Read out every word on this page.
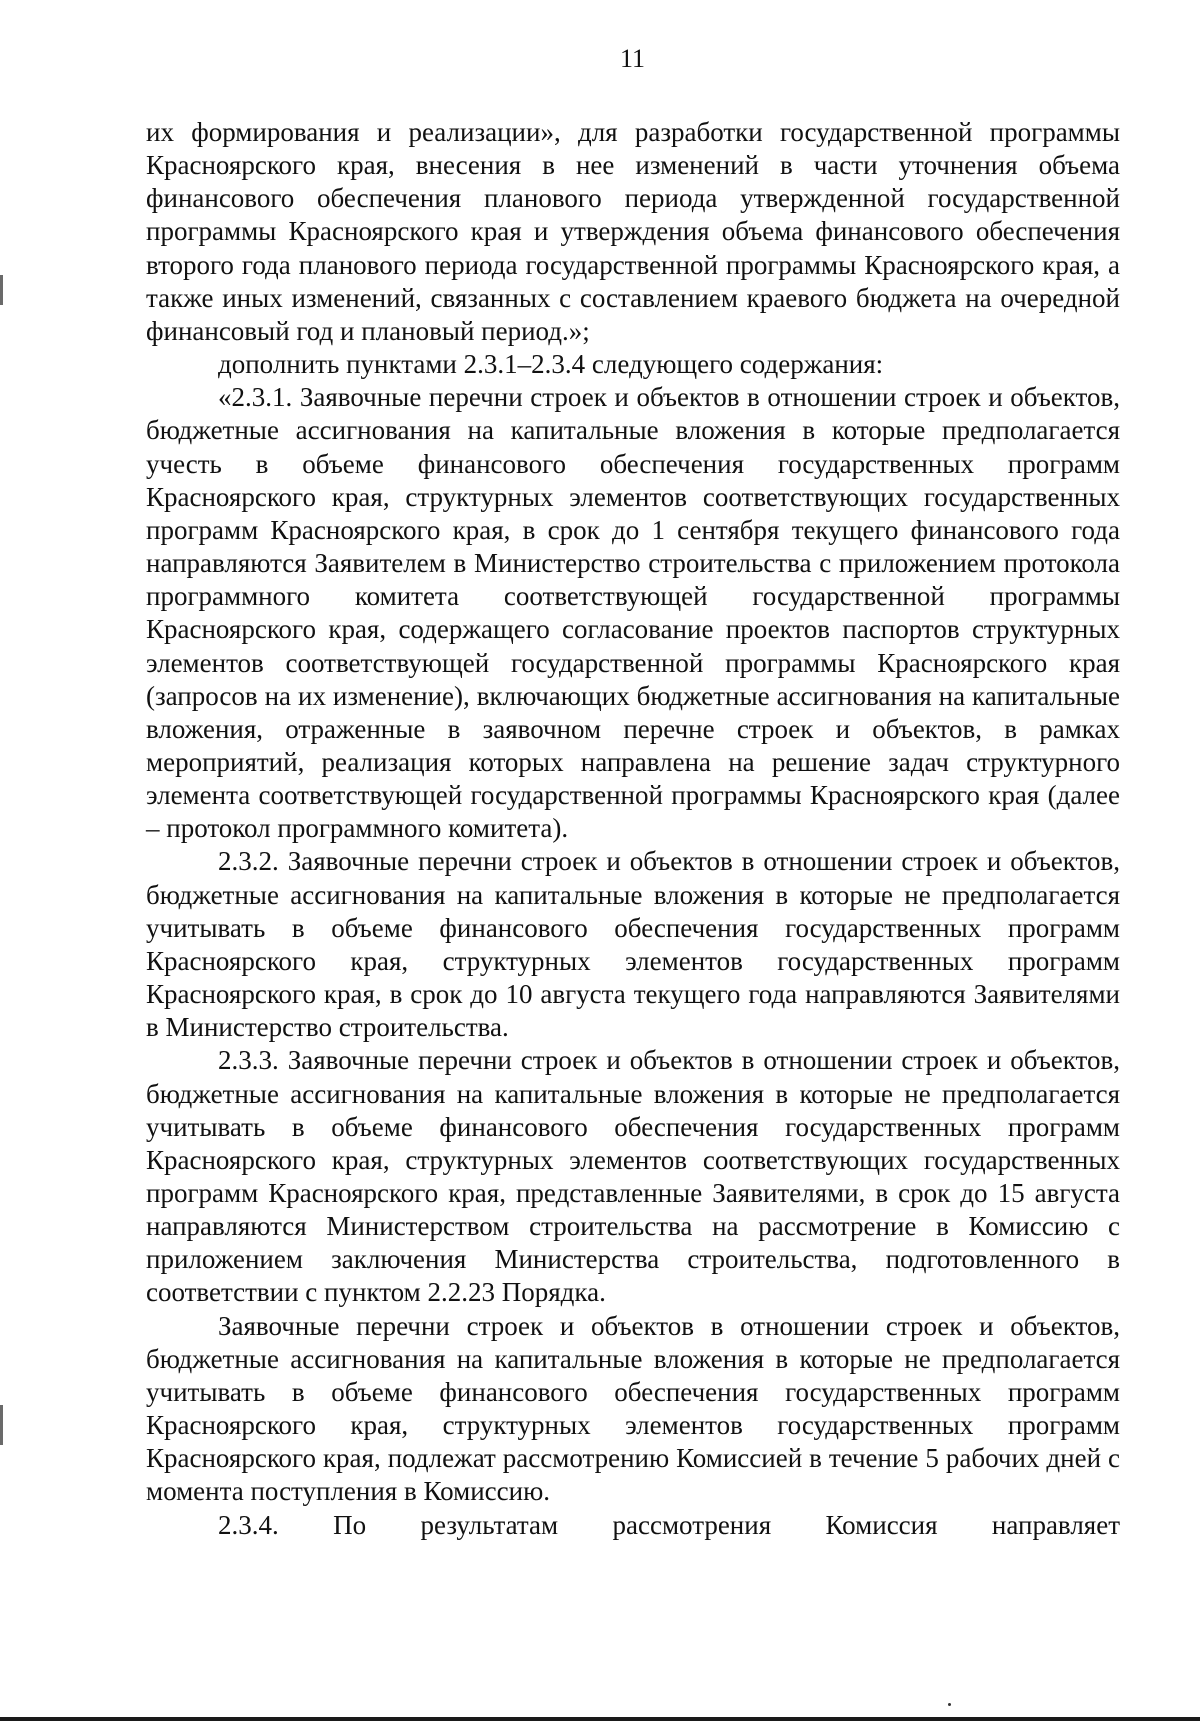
11

их формирования и реализации», для разработки государственной программы Красноярского края, внесения в нее изменений в части уточнения объема финансового обеспечения планового периода утвержденной государственной программы Красноярского края и утверждения объема финансового обеспечения второго года планового периода государственной программы Красноярского края, а также иных изменений, связанных с составлением краевого бюджета на очередной финансовый год и плановый период.»;

дополнить пунктами 2.3.1–2.3.4 следующего содержания:

«2.3.1. Заявочные перечни строек и объектов в отношении строек и объектов, бюджетные ассигнования на капитальные вложения в которые предполагается учесть в объеме финансового обеспечения государственных программ Красноярского края, структурных элементов соответствующих государственных программ Красноярского края, в срок до 1 сентября текущего финансового года направляются Заявителем в Министерство строительства с приложением протокола программного комитета соответствующей государственной программы Красноярского края, содержащего согласование проектов паспортов структурных элементов соответствующей государственной программы Красноярского края (запросов на их изменение), включающих бюджетные ассигнования на капитальные вложения, отраженные в заявочном перечне строек и объектов, в рамках мероприятий, реализация которых направлена на решение задач структурного элемента соответствующей государственной программы Красноярского края (далее – протокол программного комитета).

2.3.2. Заявочные перечни строек и объектов в отношении строек и объектов, бюджетные ассигнования на капитальные вложения в которые не предполагается учитывать в объеме финансового обеспечения государственных программ Красноярского края, структурных элементов государственных программ Красноярского края, в срок до 10 августа текущего года направляются Заявителями в Министерство строительства.

2.3.3. Заявочные перечни строек и объектов в отношении строек и объектов, бюджетные ассигнования на капитальные вложения в которые не предполагается учитывать в объеме финансового обеспечения государственных программ Красноярского края, структурных элементов соответствующих государственных программ Красноярского края, представленные Заявителями, в срок до 15 августа направляются Министерством строительства на рассмотрение в Комиссию с приложением заключения Министерства строительства, подготовленного в соответствии с пунктом 2.2.23 Порядка.

Заявочные перечни строек и объектов в отношении строек и объектов, бюджетные ассигнования на капитальные вложения в которые не предполагается учитывать в объеме финансового обеспечения государственных программ Красноярского края, структурных элементов государственных программ Красноярского края, подлежат рассмотрению Комиссией в течение 5 рабочих дней с момента поступления в Комиссию.

2.3.4. По результатам рассмотрения Комиссия направляет
